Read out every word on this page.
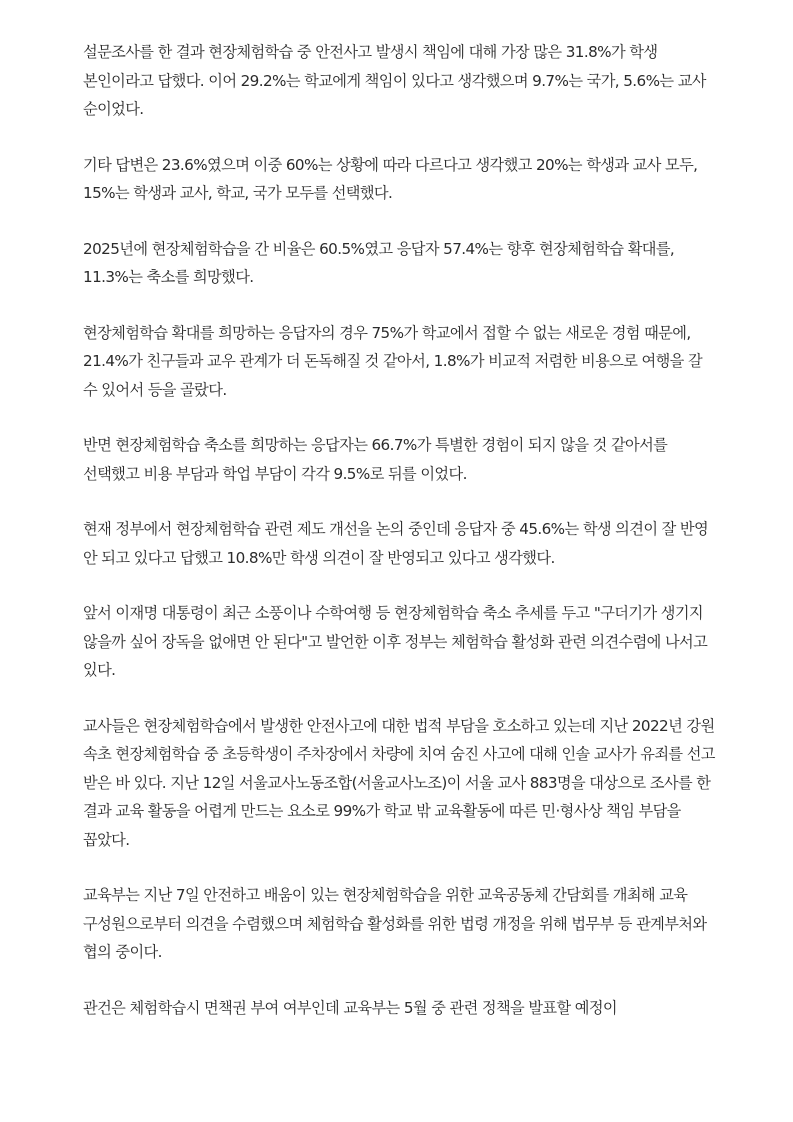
설문조사를 한 결과 현장체험학습 중 안전사고 발생시 책임에 대해 가장 많은 31.8%가 학생 본인이라고 답했다. 이어 29.2%는 학교에게 책임이 있다고 생각했으며 9.7%는 국가, 5.6%는 교사 순이었다.

기타 답변은 23.6%였으며 이중 60%는 상황에 따라 다르다고 생각했고 20%는 학생과 교사 모두, 15%는 학생과 교사, 학교, 국가 모두를 선택했다.

2025년에 현장체험학습을 간 비율은 60.5%였고 응답자 57.4%는 향후 현장체험학습 확대를, 11.3%는 축소를 희망했다.

현장체험학습 확대를 희망하는 응답자의 경우 75%가 학교에서 접할 수 없는 새로운 경험 때문에, 21.4%가 친구들과 교우 관계가 더 돈독해질 것 같아서, 1.8%가 비교적 저렴한 비용으로 여행을 갈 수 있어서 등을 골랐다.

반면 현장체험학습 축소를 희망하는 응답자는 66.7%가 특별한 경험이 되지 않을 것 같아서를 선택했고 비용 부담과 학업 부담이 각각 9.5%로 뒤를 이었다.

현재 정부에서 현장체험학습 관련 제도 개선을 논의 중인데 응답자 중 45.6%는 학생 의견이 잘 반영 안 되고 있다고 답했고 10.8%만 학생 의견이 잘 반영되고 있다고 생각했다.

앞서 이재명 대통령이 최근 소풍이나 수학여행 등 현장체험학습 축소 추세를 두고 "구더기가 생기지 않을까 싶어 장독을 없애면 안 된다"고 발언한 이후 정부는 체험학습 활성화 관련 의견수렴에 나서고 있다.

교사들은 현장체험학습에서 발생한 안전사고에 대한 법적 부담을 호소하고 있는데 지난 2022년 강원 속초 현장체험학습 중 초등학생이 주차장에서 차량에 치여 숨진 사고에 대해 인솔 교사가 유죄를 선고 받은 바 있다. 지난 12일 서울교사노동조합(서울교사노조)이 서울 교사 883명을 대상으로 조사를 한 결과 교육 활동을 어렵게 만드는 요소로 99%가 학교 밖 교육활동에 따른 민·형사상 책임 부담을 꼽았다.

교육부는 지난 7일 안전하고 배움이 있는 현장체험학습을 위한 교육공동체 간담회를 개최해 교육 구성원으로부터 의견을 수렴했으며 체험학습 활성화를 위한 법령 개정을 위해 법무부 등 관계부처와 협의 중이다.

관건은 체험학습시 면책권 부여 여부인데 교육부는 5월 중 관련 정책을 발표할 예정이
